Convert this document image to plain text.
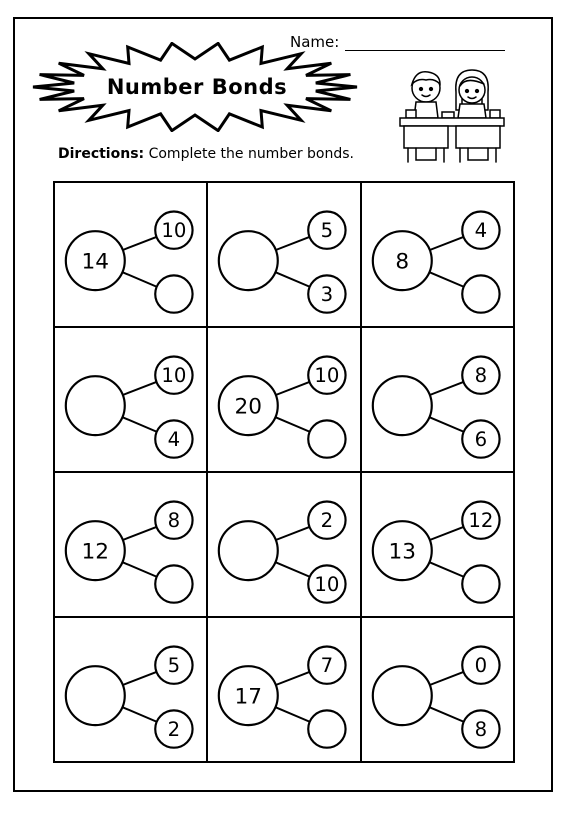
Name:
Number Bonds
Directions: Complete the number bonds.
14
10	5
3
8
4
10
4
20
10	8
6
12
8	2
10
13
12
5
2
17
7	0
8
